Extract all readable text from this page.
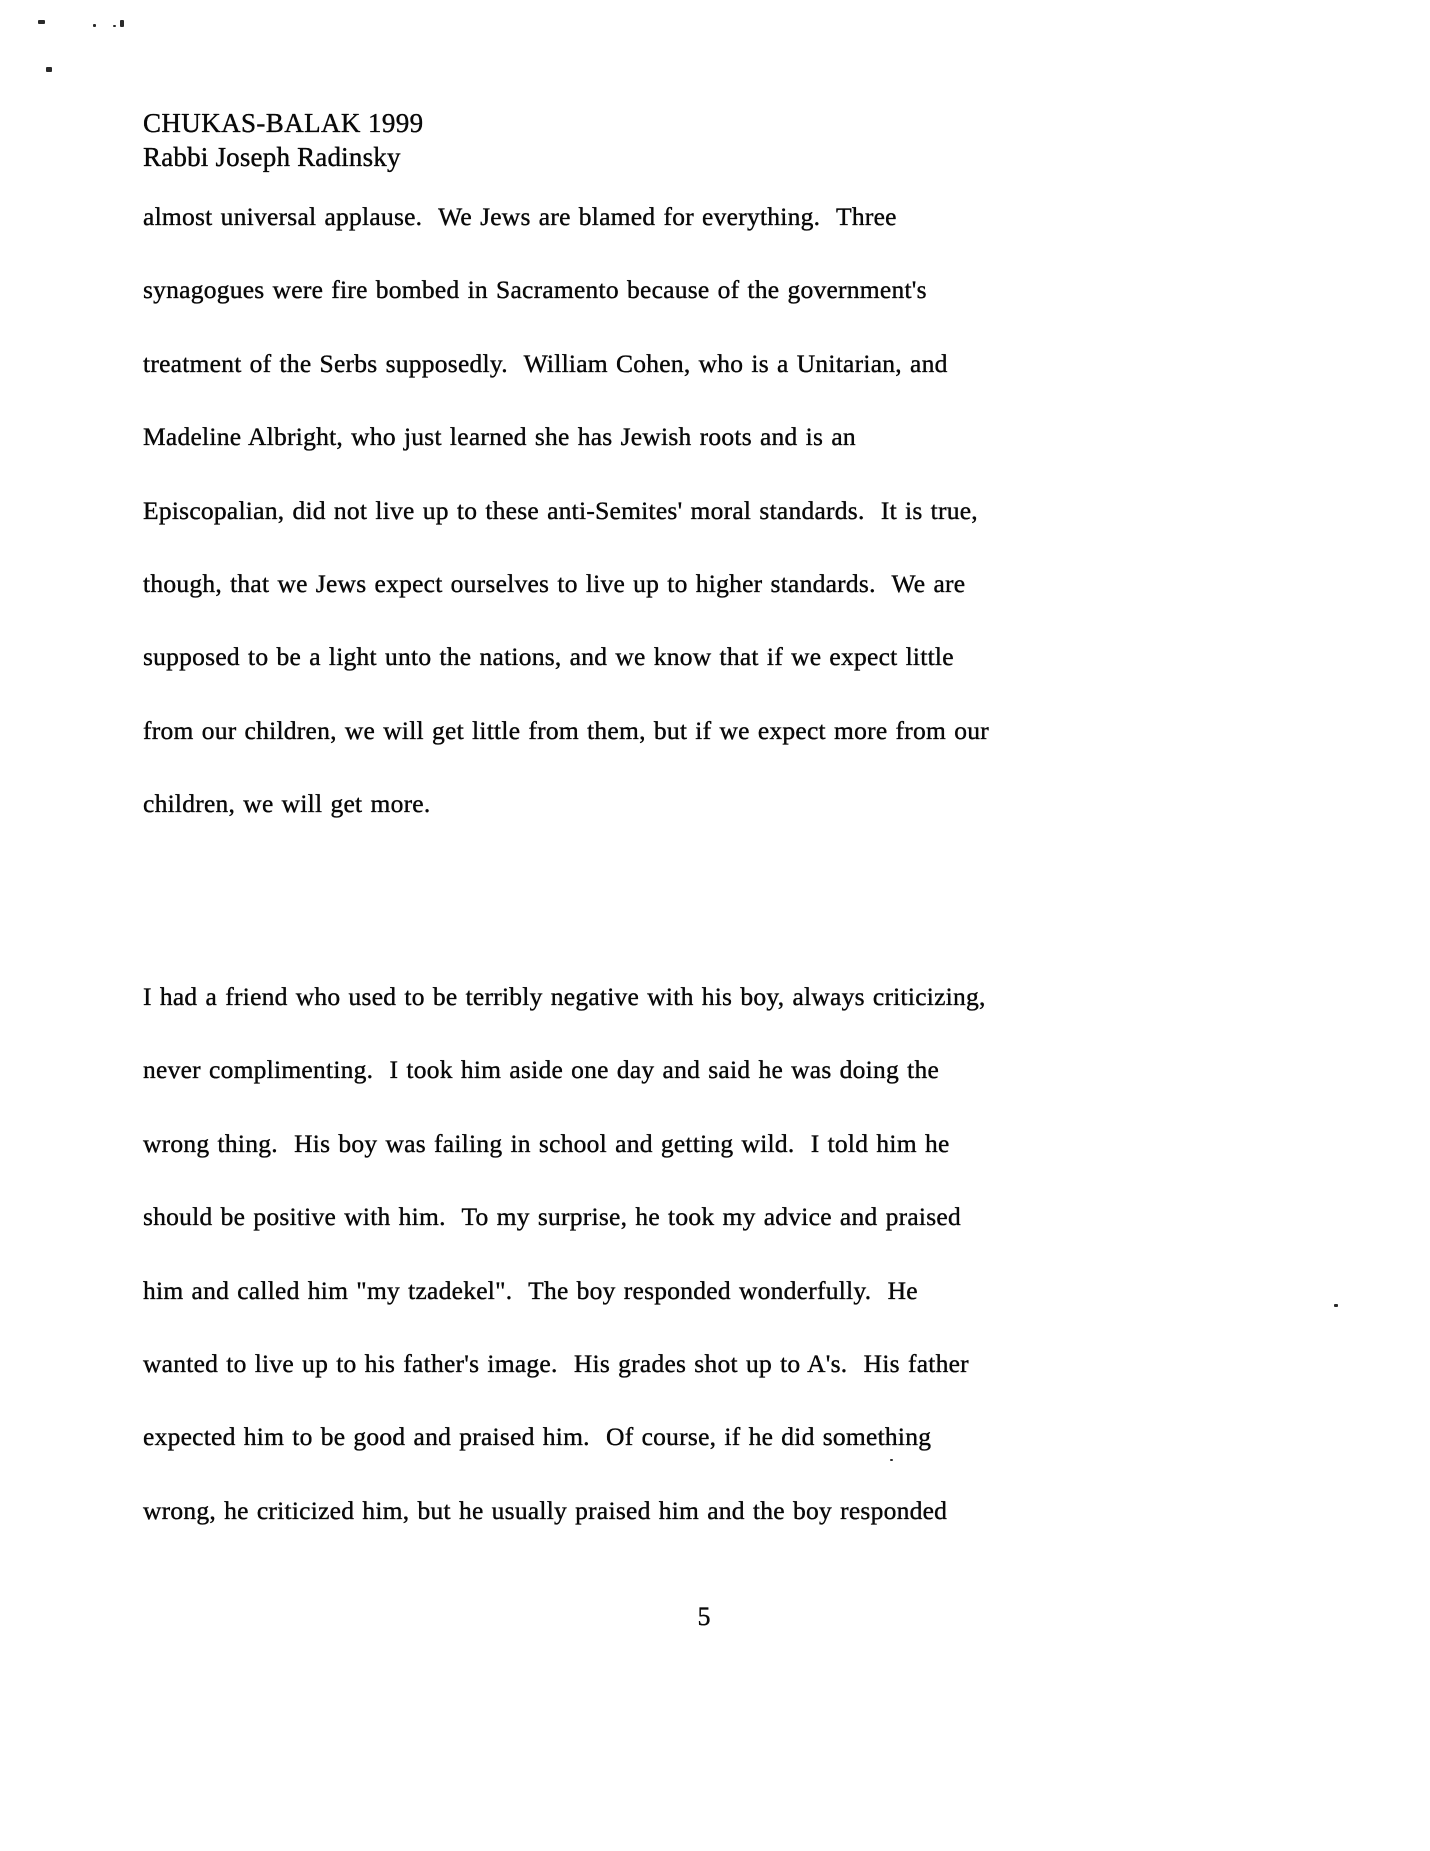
CHUKAS-BALAK 1999
Rabbi Joseph Radinsky
almost universal applause.  We Jews are blamed for everything.  Three
synagogues were fire bombed in Sacramento because of the government's
treatment of the Serbs supposedly.  William Cohen, who is a Unitarian, and
Madeline Albright, who just learned she has Jewish roots and is an
Episcopalian, did not live up to these anti-Semites' moral standards.  It is true,
though, that we Jews expect ourselves to live up to higher standards.  We are
supposed to be a light unto the nations, and we know that if we expect little
from our children, we will get little from them, but if we expect more from our
children, we will get more.
I had a friend who used to be terribly negative with his boy, always criticizing,
never complimenting.  I took him aside one day and said he was doing the
wrong thing.  His boy was failing in school and getting wild.  I told him he
should be positive with him.  To my surprise, he took my advice and praised
him and called him "my tzadekel".  The boy responded wonderfully.  He
wanted to live up to his father's image.  His grades shot up to A's.  His father
expected him to be good and praised him.  Of course, if he did something
wrong, he criticized him, but he usually praised him and the boy responded
5
